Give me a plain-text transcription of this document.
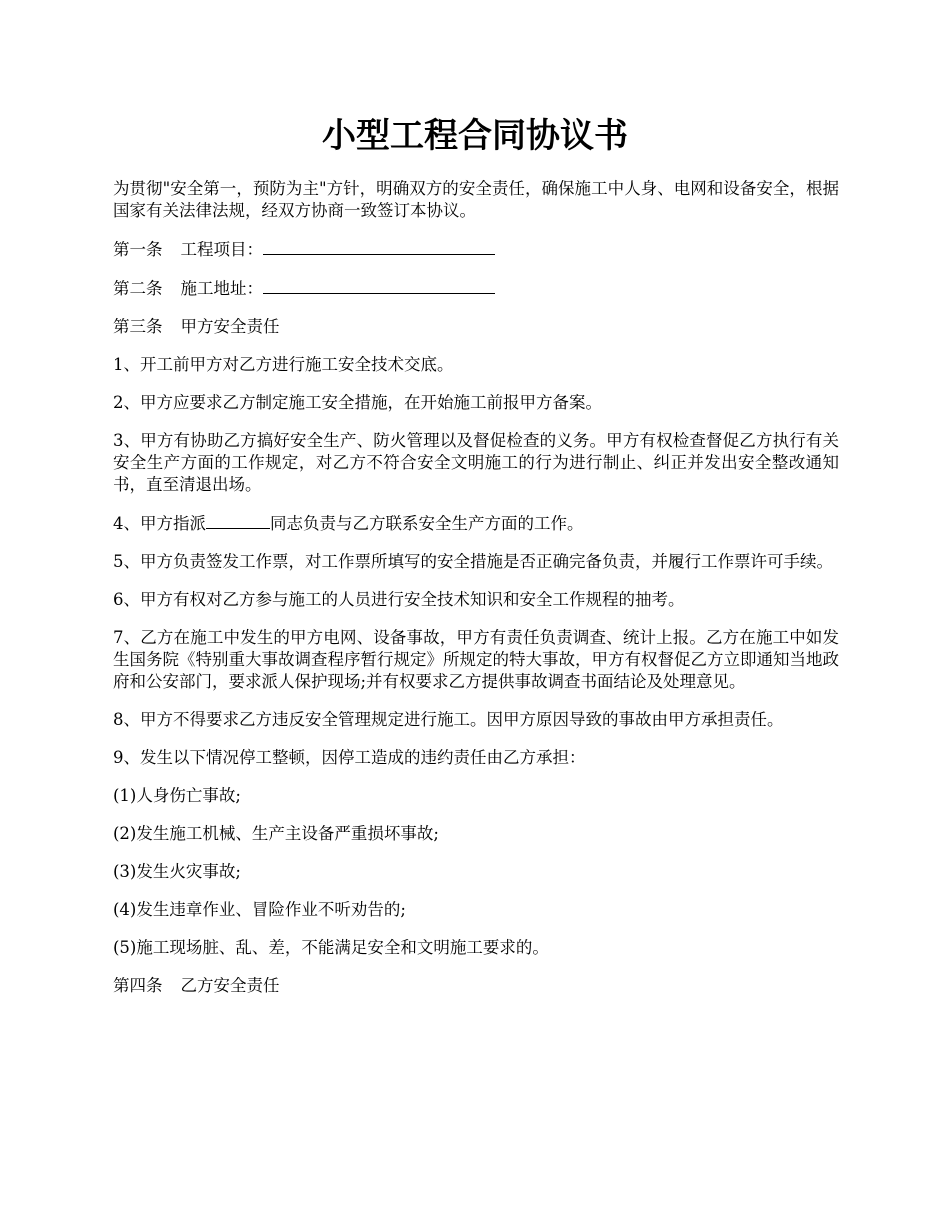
小型工程合同协议书

为贯彻"安全第一，预防为主"方针，明确双方的安全责任，确保施工中人身、电网和设备安全，根据国家有关法律法规，经双方协商一致签订本协议。

第一条 工程项目：

第二条 施工地址：

第三条 甲方安全责任

1、开工前甲方对乙方进行施工安全技术交底。

2、甲方应要求乙方制定施工安全措施，在开始施工前报甲方备案。

3、甲方有协助乙方搞好安全生产、防火管理以及督促检查的义务。甲方有权检查督促乙方执行有关安全生产方面的工作规定，对乙方不符合安全文明施工的行为进行制止、纠正并发出安全整改通知书，直至清退出场。

4、甲方指派	同志负责与乙方联系安全生产方面的工作。

5、甲方负责签发工作票，对工作票所填写的安全措施是否正确完备负责，并履行工作票许可手续。

6、甲方有权对乙方参与施工的人员进行安全技术知识和安全工作规程的抽考。

7、乙方在施工中发生的甲方电网、设备事故，甲方有责任负责调查、统计上报。乙方在施工中如发生国务院《特别重大事故调查程序暂行规定》所规定的特大事故，甲方有权督促乙方立即通知当地政府和公安部门，要求派人保护现场;并有权要求乙方提供事故调查书面结论及处理意见。

8、甲方不得要求乙方违反安全管理规定进行施工。因甲方原因导致的事故由甲方承担责任。

9、发生以下情况停工整顿，因停工造成的违约责任由乙方承担：

(1)人身伤亡事故;

(2)发生施工机械、生产主设备严重损坏事故;

(3)发生火灾事故;

(4)发生违章作业、冒险作业不听劝告的;

(5)施工现场脏、乱、差，不能满足安全和文明施工要求的。

第四条 乙方安全责任
